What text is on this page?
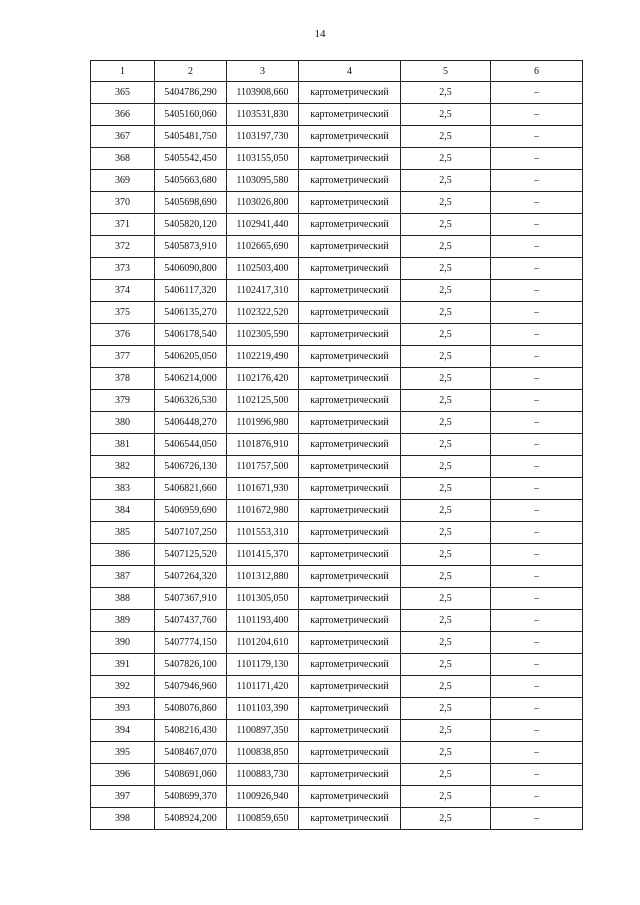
14
1	2	3	4	5	6
365	5404786,290	1103908,660	картометрический	2,5	–
366	5405160,060	1103531,830	картометрический	2,5	–
367	5405481,750	1103197,730	картометрический	2,5	–
368	5405542,450	1103155,050	картометрический	2,5	–
369	5405663,680	1103095,580	картометрический	2,5	–
370	5405698,690	1103026,800	картометрический	2,5	–
371	5405820,120	1102941,440	картометрический	2,5	–
372	5405873,910	1102665,690	картометрический	2,5	–
373	5406090,800	1102503,400	картометрический	2,5	–
374	5406117,320	1102417,310	картометрический	2,5	–
375	5406135,270	1102322,520	картометрический	2,5	–
376	5406178,540	1102305,590	картометрический	2,5	–
377	5406205,050	1102219,490	картометрический	2,5	–
378	5406214,000	1102176,420	картометрический	2,5	–
379	5406326,530	1102125,500	картометрический	2,5	–
380	5406448,270	1101996,980	картометрический	2,5	–
381	5406544,050	1101876,910	картометрический	2,5	–
382	5406726,130	1101757,500	картометрический	2,5	–
383	5406821,660	1101671,930	картометрический	2,5	–
384	5406959,690	1101672,980	картометрический	2,5	–
385	5407107,250	1101553,310	картометрический	2,5	–
386	5407125,520	1101415,370	картометрический	2,5	–
387	5407264,320	1101312,880	картометрический	2,5	–
388	5407367,910	1101305,050	картометрический	2,5	–
389	5407437,760	1101193,400	картометрический	2,5	–
390	5407774,150	1101204,610	картометрический	2,5	–
391	5407826,100	1101179,130	картометрический	2,5	–
392	5407946,960	1101171,420	картометрический	2,5	–
393	5408076,860	1101103,390	картометрический	2,5	–
394	5408216,430	1100897,350	картометрический	2,5	–
395	5408467,070	1100838,850	картометрический	2,5	–
396	5408691,060	1100883,730	картометрический	2,5	–
397	5408699,370	1100926,940	картометрический	2,5	–
398	5408924,200	1100859,650	картометрический	2,5	–
